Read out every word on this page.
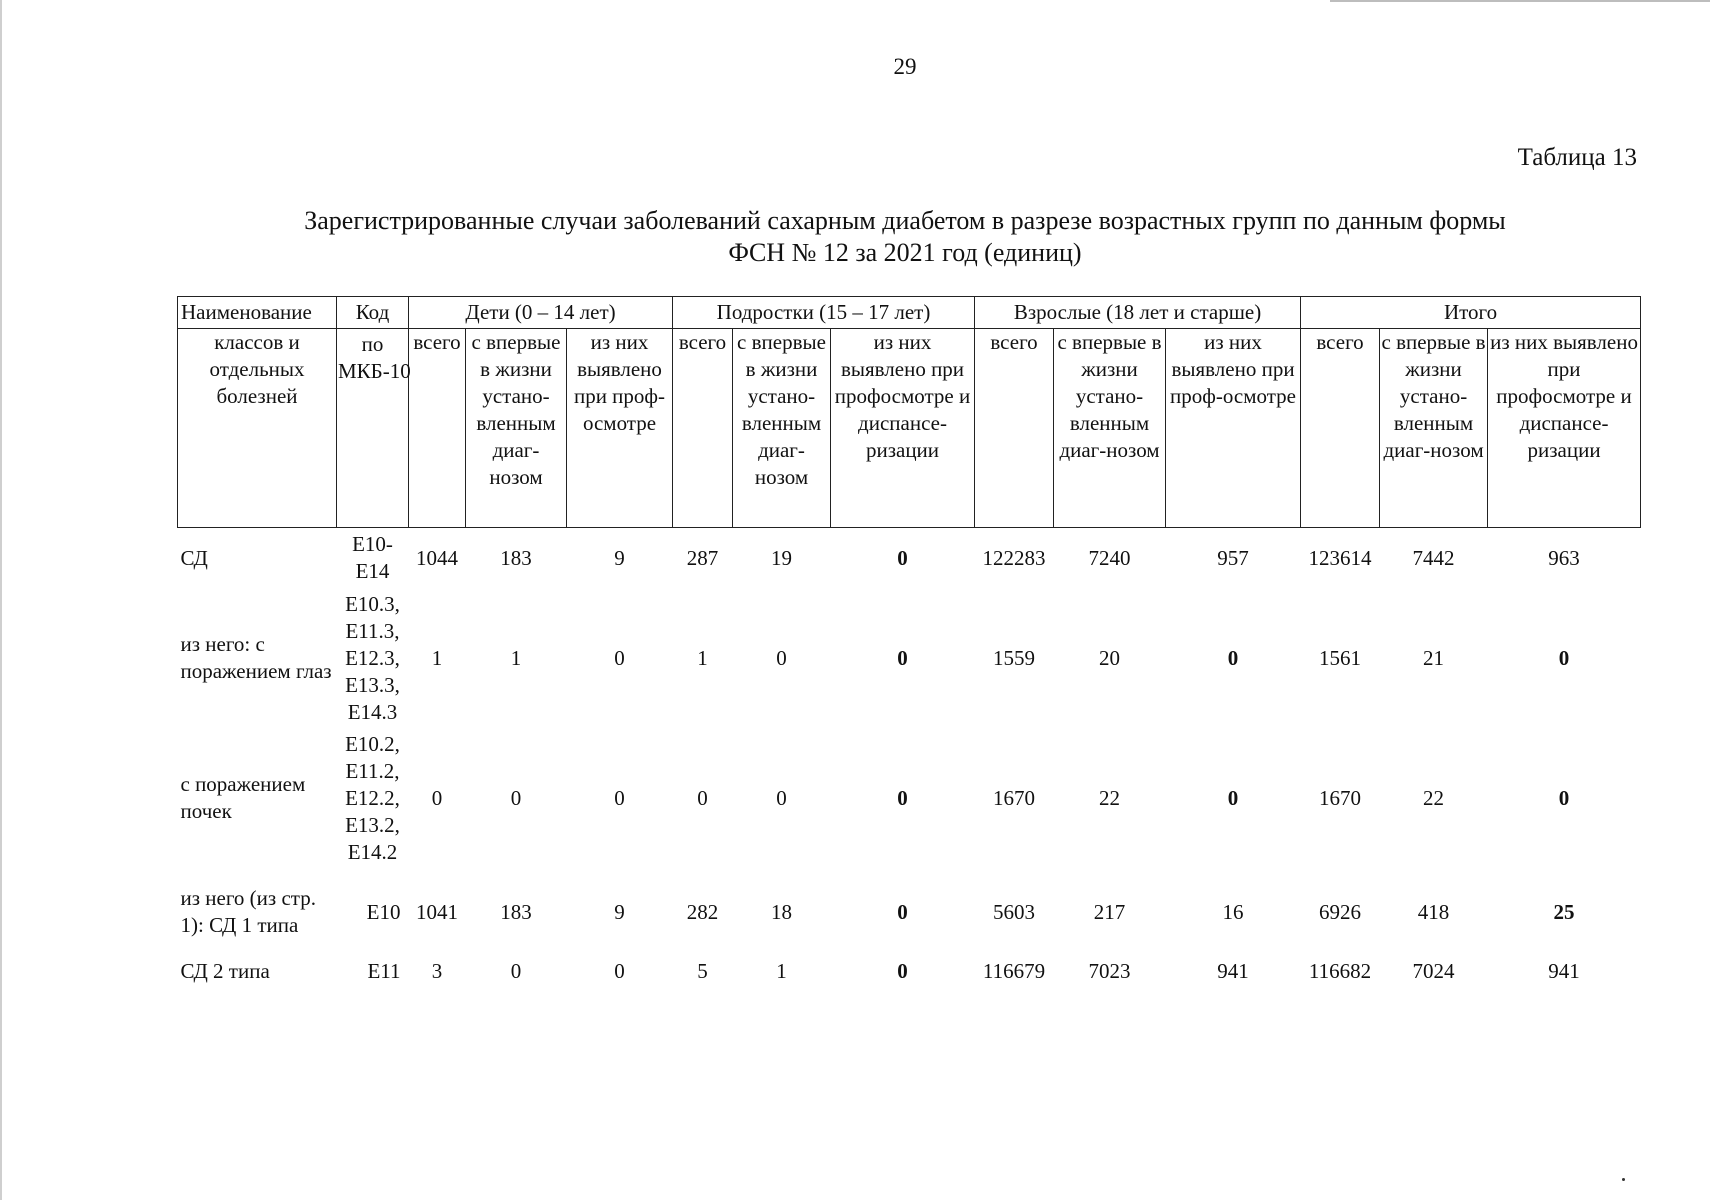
29
Таблица 13
Зарегистрированные случаи заболеваний сахарным диабетом в разрезе возрастных групп по данным формы
ФСН № 12 за 2021 год (единиц)
Наименование	Код	Дети (0 – 14 лет)			Подростки (15 – 17 лет)			Взрослые (18 лет и старше)			Итого		
классов и отдельных болезней	по МКБ-10	всего	с впервые в жизни устано-вленным диаг-нозом	из них выявлено при проф-осмотре	всего	с впервые в жизни устано-вленным диаг-нозом	из них выявлено при профосмотре и диспансе-ризации	всего	с впервые в жизни устано-вленным диаг-нозом	из них выявлено при проф-осмотре	всего	с впервые в жизни устано-вленным диаг-нозом	из них выявлено при профосмотре и диспансе-ризации
СД	E10-E14	1044	183	9	287	19	0	122283	7240	957	123614	7442	963
из него: с поражением глаз	E10.3, E11.3, E12.3, E13.3, E14.3	1	1	0	1	0	0	1559	20	0	1561	21	0
с поражением почек	E10.2, E11.2, E12.2, E13.2, E14.2	0	0	0	0	0	0	1670	22	0	1670	22	0
из него (из стр. 1): СД 1 типа	E10	1041	183	9	282	18	0	5603	217	16	6926	418	25
СД 2 типа	E11	3	0	0	5	1	0	116679	7023	941	116682	7024	941
